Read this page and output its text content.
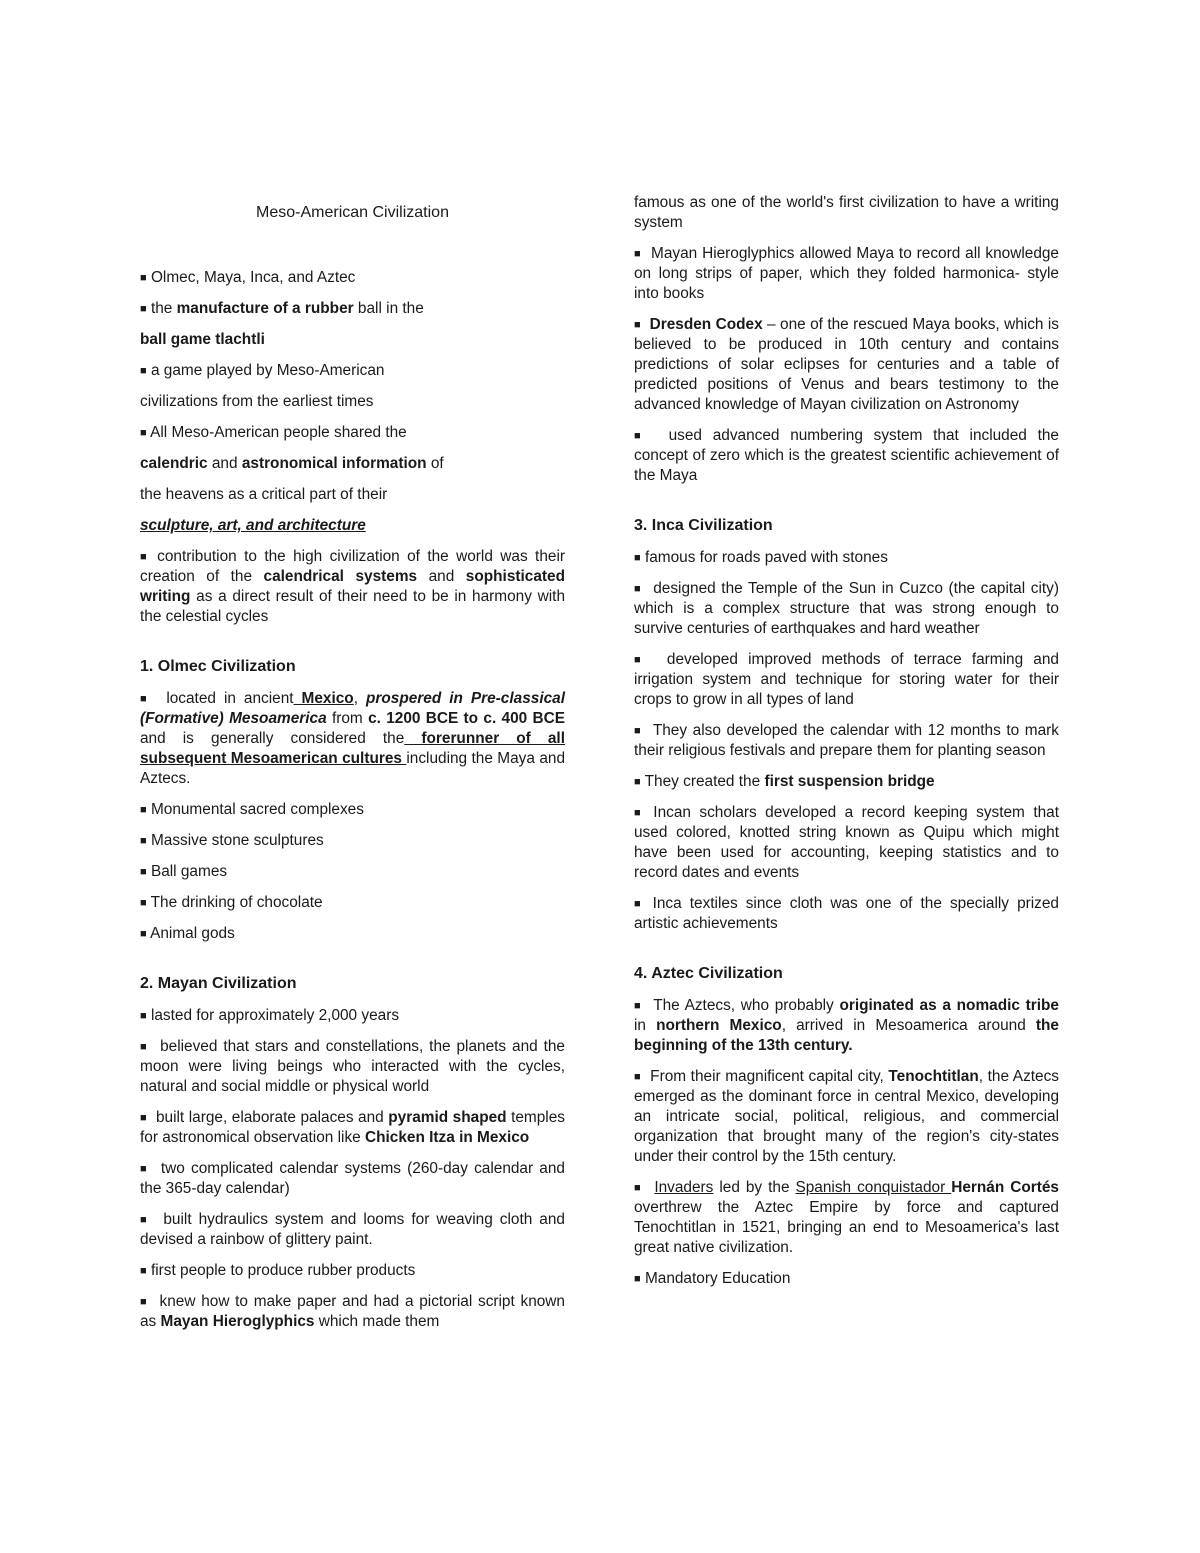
Meso-American Civilization

■ Olmec, Maya, Inca, and Aztec

■ the manufacture of a rubber ball in the

ball game tlachtli

■ a game played by Meso-American

civilizations from the earliest times

■ All Meso-American people shared the

calendric and astronomical information of

the heavens as a critical part of their

sculpture, art, and architecture

■ contribution to the high civilization of the world was their creation of the calendrical systems and sophisticated writing as a direct result of their need to be in harmony with the celestial cycles

1. Olmec Civilization

■ located in ancient Mexico, prospered in Pre-classical (Formative) Mesoamerica from c. 1200 BCE to c. 400 BCE and is generally considered the forerunner of all subsequent Mesoamerican cultures including the Maya and Aztecs.

■ Monumental sacred complexes

■ Massive stone sculptures

■ Ball games

■ The drinking of chocolate

■ Animal gods

2. Mayan Civilization

■ lasted for approximately 2,000 years

■ believed that stars and constellations, the planets and the moon were living beings who interacted with the cycles, natural and social middle or physical world

■ built large, elaborate palaces and pyramid shaped temples for astronomical observation like Chicken Itza in Mexico

■ two complicated calendar systems (260-day calendar and the 365-day calendar)

■ built hydraulics system and looms for weaving cloth and devised a rainbow of glittery paint.

■ first people to produce rubber products

■ knew how to make paper and had a pictorial script known as Mayan Hieroglyphics which made them

famous as one of the world's first civilization to have a writing system

■ Mayan Hieroglyphics allowed Maya to record all knowledge on long strips of paper, which they folded harmonica- style into books

■ Dresden Codex – one of the rescued Maya books, which is believed to be produced in 10th century and contains predictions of solar eclipses for centuries and a table of predicted positions of Venus and bears testimony to the advanced knowledge of Mayan civilization on Astronomy

■ used advanced numbering system that included the concept of zero which is the greatest scientific achievement of the Maya

3. Inca Civilization

■ famous for roads paved with stones

■ designed the Temple of the Sun in Cuzco (the capital city) which is a complex structure that was strong enough to survive centuries of earthquakes and hard weather

■ developed improved methods of terrace farming and irrigation system and technique for storing water for their crops to grow in all types of land

■ They also developed the calendar with 12 months to mark their religious festivals and prepare them for planting season

■ They created the first suspension bridge

■ Incan scholars developed a record keeping system that used colored, knotted string known as Quipu which might have been used for accounting, keeping statistics and to record dates and events

■ Inca textiles since cloth was one of the specially prized artistic achievements

4. Aztec Civilization

■ The Aztecs, who probably originated as a nomadic tribe in northern Mexico, arrived in Mesoamerica around the beginning of the 13th century.

■ From their magnificent capital city, Tenochtitlan, the Aztecs emerged as the dominant force in central Mexico, developing an intricate social, political, religious, and commercial organization that brought many of the region's city-states under their control by the 15th century.

■ Invaders led by the Spanish conquistador Hernán Cortés overthrew the Aztec Empire by force and captured Tenochtitlan in 1521, bringing an end to Mesoamerica's last great native civilization.

■ Mandatory Education
